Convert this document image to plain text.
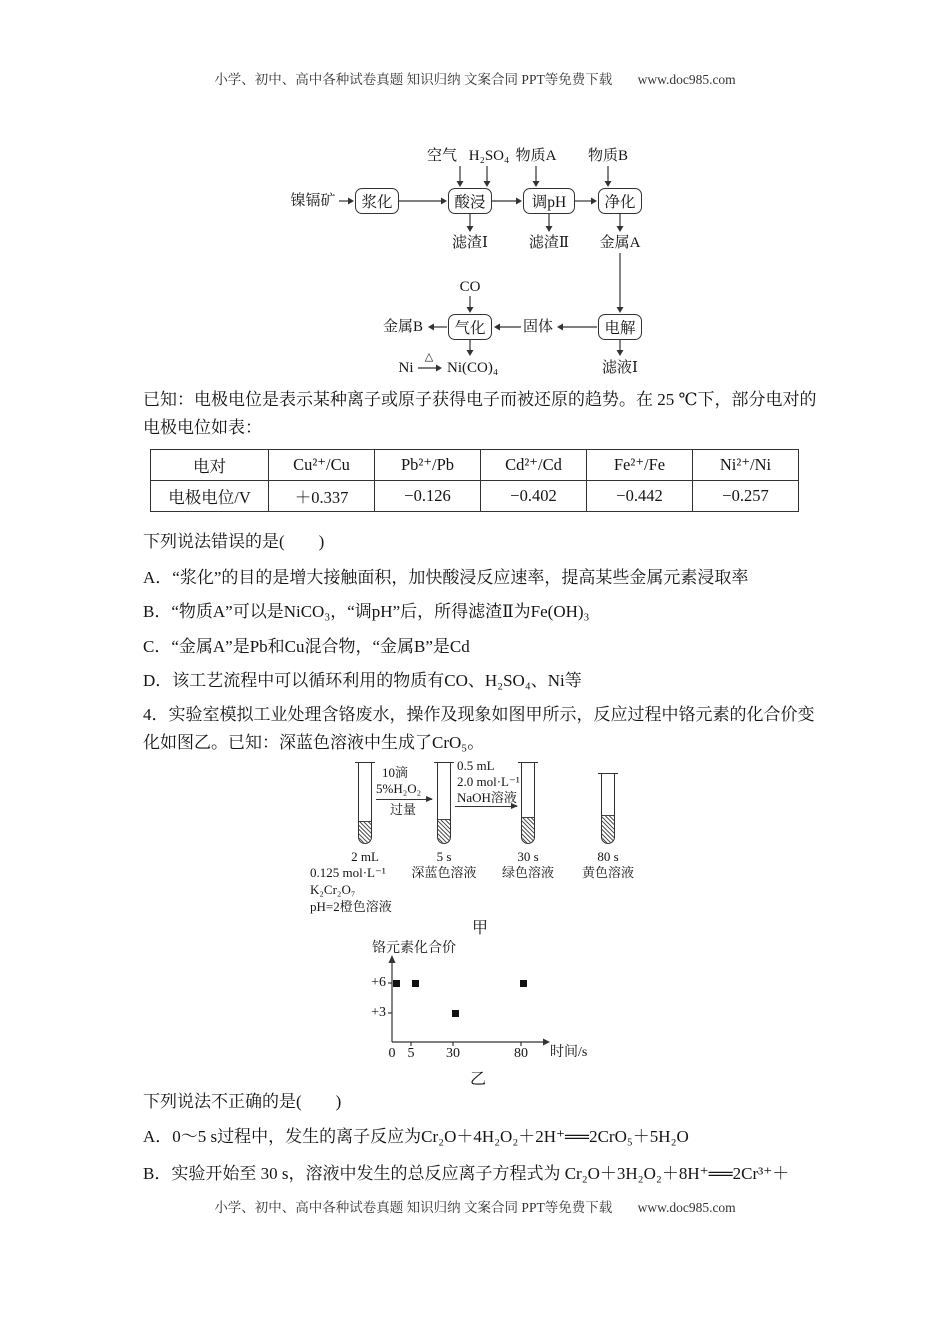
小学、初中、高中各种试卷真题 知识归纳 文案合同 PPT等免费下载 www.doc985.com
空气 H₂SO₄ 物质A 物质B
镍镉矿	浆化	酸浸	调pH	净化
滤渣Ⅰ	滤渣Ⅱ 金属A
CO
金属B	气化	固体	电解
Ni
△
Ni(CO)₄	滤液Ⅰ
已知：电极电位是表示某种离子或原子获得电子而被还原的趋势。在 25 ℃下，部分电对的
电极电位如表：
电对	Cu²⁺/Cu	Pb²⁺/Pb	Cd²⁺/Cd	Fe²⁺/Fe	Ni²⁺/Ni
电极电位/V	＋0.337	−0.126	−0.402	−0.442	−0.257
下列说法错误的是(　　)
A．“浆化”的目的是增大接触面积，加快酸浸反应速率，提高某些金属元素浸取率
B．“物质A”可以是NiCO₃，“调pH”后，所得滤渣Ⅱ为Fe(OH)₃
C．“金属A”是Pb和Cu混合物，“金属B”是Cd
D．该工艺流程中可以循环利用的物质有CO、H₂SO₄、Ni等
4．实验室模拟工业处理含铬废水，操作及现象如图甲所示，反应过程中铬元素的化合价变
化如图乙。已知：深蓝色溶液中生成了CrO₅。
10滴
5%H₂O₂
过量
0.5 mL
2.0 mol·L⁻¹
NaOH溶液
2 mL
0.125 mol·L⁻¹
K₂Cr₂O₇
pH=2橙色溶液
5 s
深蓝色溶液
30 s
绿色溶液
80 s
黄色溶液
甲
铬元素化合价
+6
+3
0 5 30	80 时间/s
乙
下列说法不正确的是(　　)
A．0～5 s过程中，发生的离子反应为Cr₂O＋4H₂O₂＋2H⁺══2CrO₅＋5H₂O
B．实验开始至 30 s，溶液中发生的总反应离子方程式为 Cr₂O＋3H₂O₂＋8H⁺══2Cr³⁺＋
小学、初中、高中各种试卷真题 知识归纳 文案合同 PPT等免费下载 www.doc985.com
